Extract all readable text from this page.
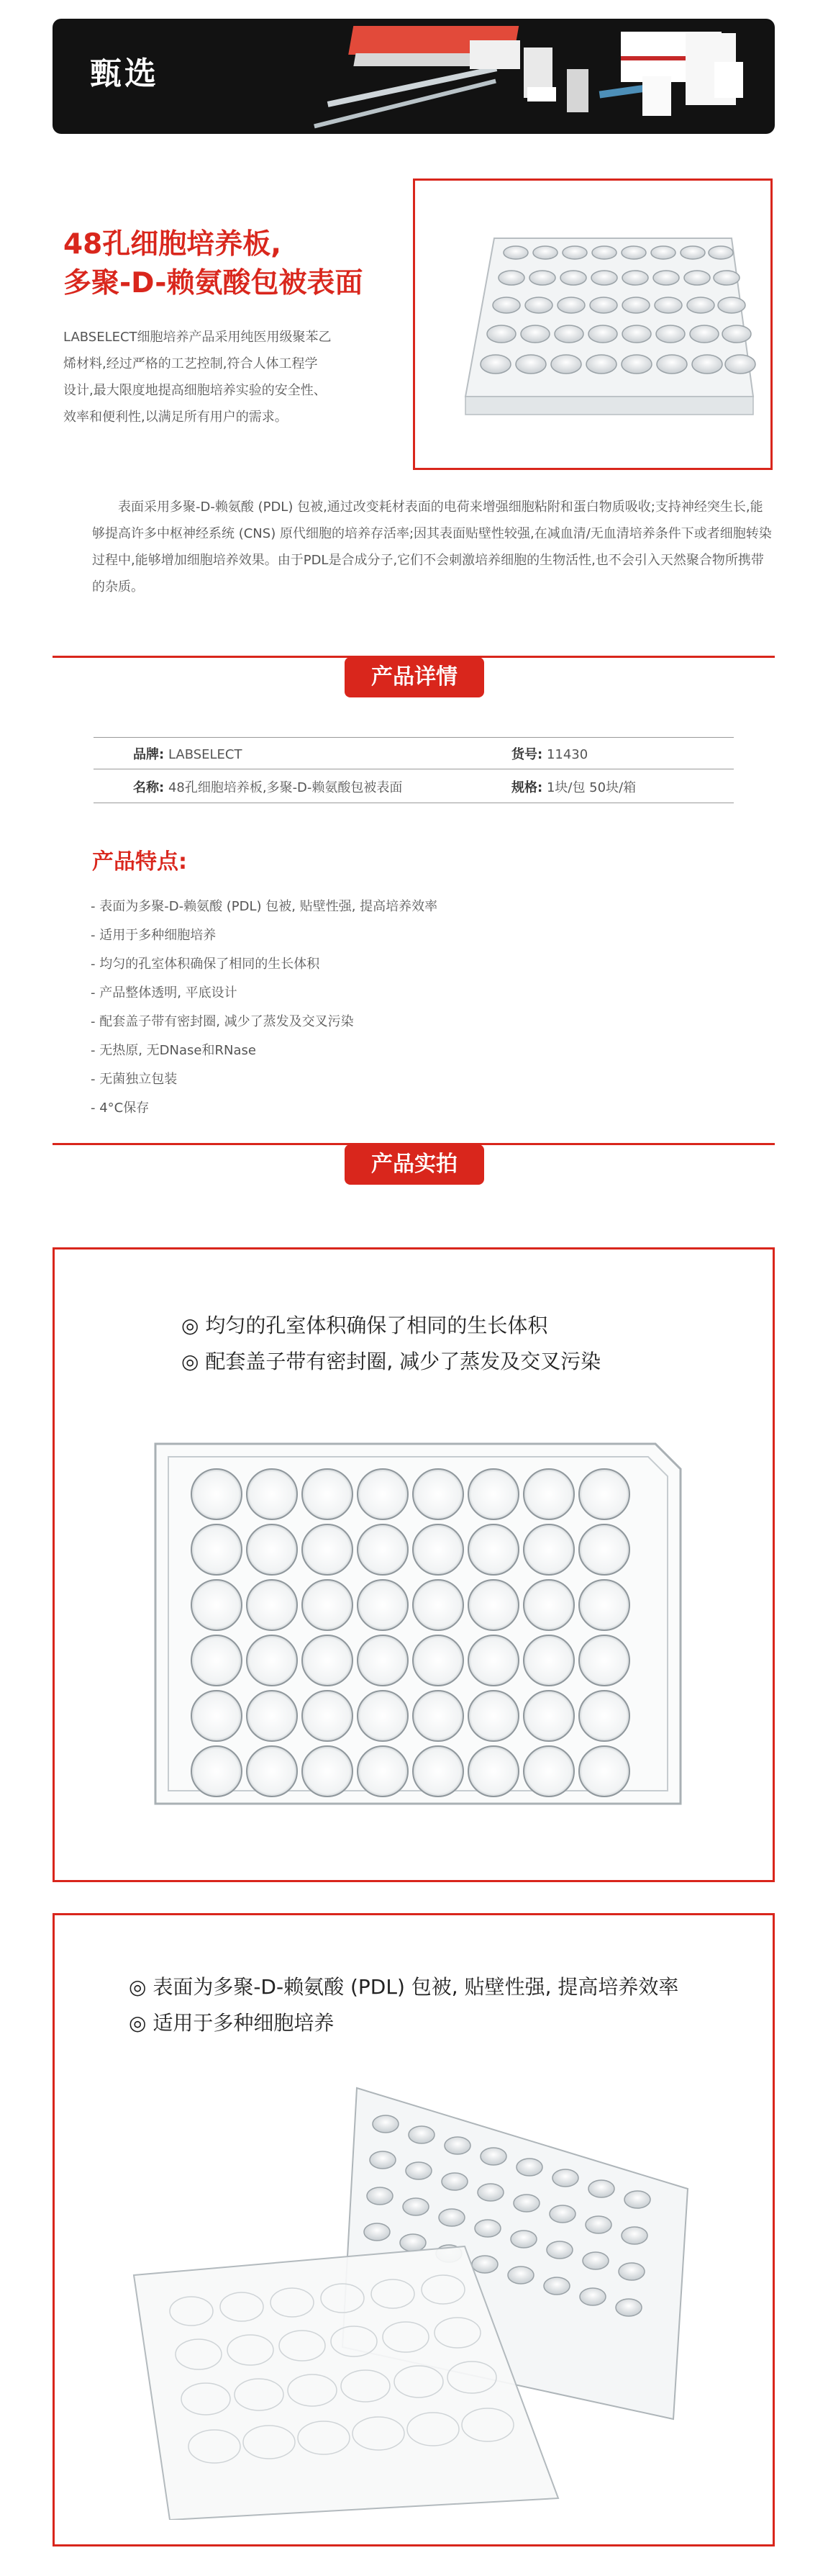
甄选
48孔细胞培养板,
多聚-D-赖氨酸包被表面
LABSELECT细胞培养产品采用纯医用级聚苯乙
烯材料,经过严格的工艺控制,符合人体工程学
设计,最大限度地提高细胞培养实验的安全性、
效率和便利性,以满足所有用户的需求。
表面采用多聚-D-赖氨酸 (PDL) 包被,通过改变耗材表面的电荷来增强细胞粘附和蛋白物质吸收;支持神经突生长,能够提高许多中枢神经系统 (CNS) 原代细胞的培养存活率;因其表面贴壁性较强,在减血清/无血清培养条件下或者细胞转染过程中,能够增加细胞培养效果。由于PDL是合成分子,它们不会刺激培养细胞的生物活性,也不会引入天然聚合物所携带的杂质。
产品详情
品牌: LABSELECT	货号: 11430
名称: 48孔细胞培养板,多聚-D-赖氨酸包被表面	规格: 1块/包 50块/箱
产品特点:
- 表面为多聚-D-赖氨酸 (PDL) 包被, 贴壁性强, 提高培养效率
- 适用于多种细胞培养
- 均匀的孔室体积确保了相同的生长体积
- 产品整体透明, 平底设计
- 配套盖子带有密封圈, 减少了蒸发及交叉污染
- 无热原, 无DNase和RNase
- 无菌独立包装
- 4°C保存
产品实拍
◎ 均匀的孔室体积确保了相同的生长体积
◎ 配套盖子带有密封圈, 减少了蒸发及交叉污染
◎ 表面为多聚-D-赖氨酸 (PDL) 包被, 贴壁性强, 提高培养效率
◎ 适用于多种细胞培养
